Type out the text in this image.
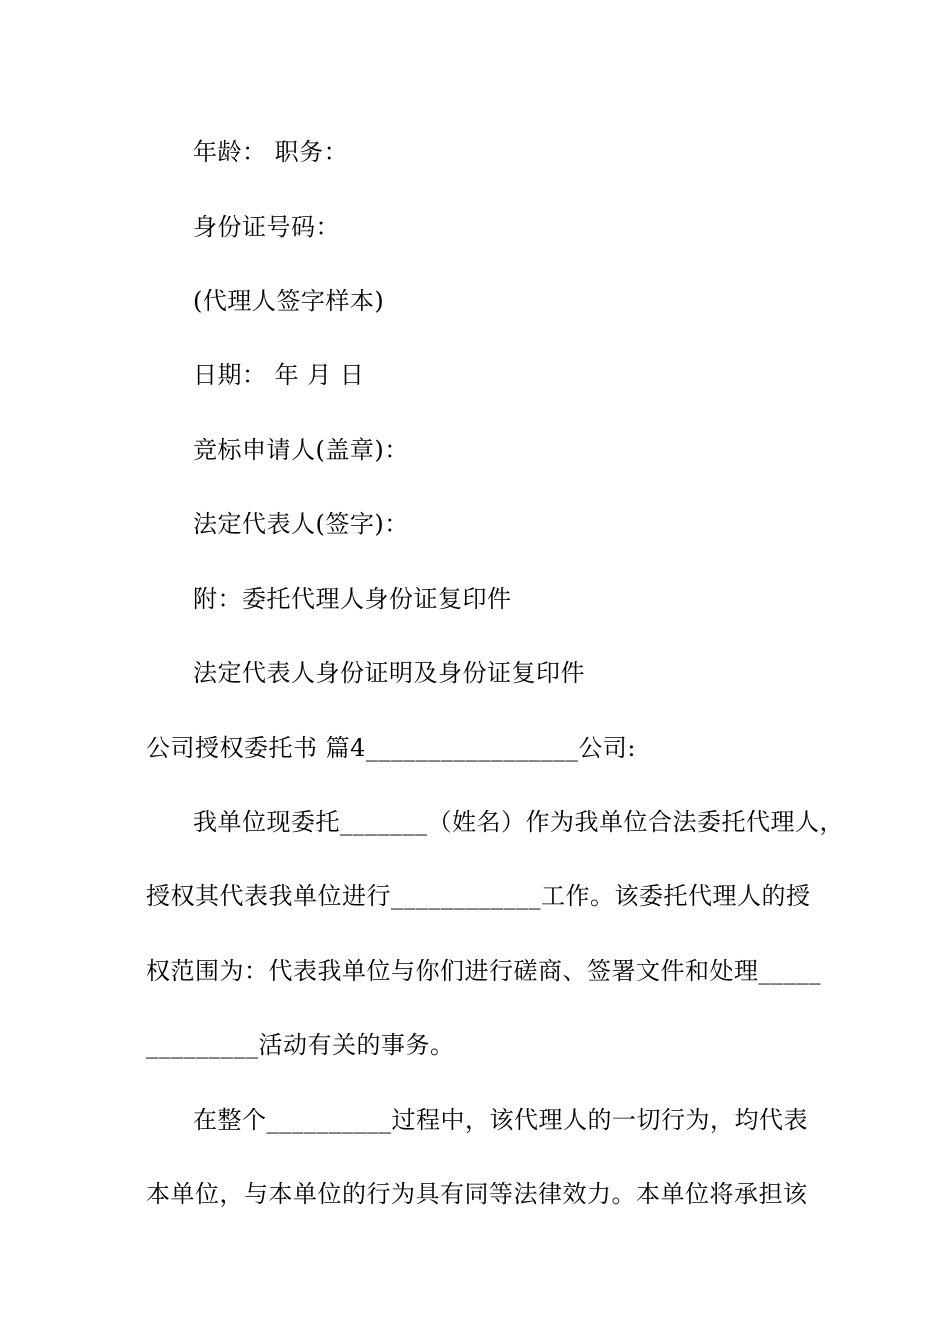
年龄： 职务：
身份证号码：
(代理人签字样本)
日期： 年 月 日
竞标申请人(盖章)：
法定代表人(签字)：
附：委托代理人身份证复印件
法定代表人身份证明及身份证复印件
公司授权委托书 篇4_________________公司:
我单位现委托_______（姓名）作为我单位合法委托代理人，
授权其代表我单位进行____________工作。该委托代理人的授
权范围为：代表我单位与你们进行磋商、签署文件和处理_____
_________活动有关的事务。
在整个__________过程中，该代理人的一切行为，均代表
本单位，与本单位的行为具有同等法律效力。本单位将承担该
